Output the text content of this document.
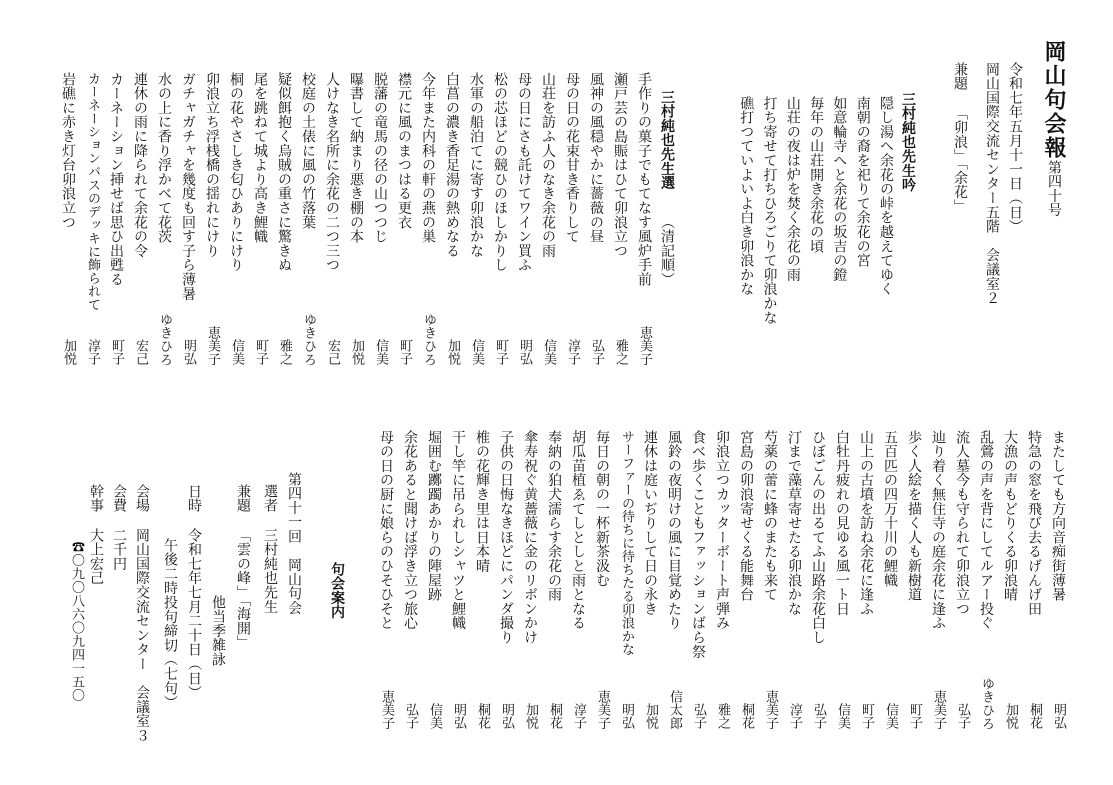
岡山句会報
第四十号
令和七年五月十一日（日）
岡山国際交流センター五階　会議室２
兼題
「卯浪」「余花」
三村純也先生吟
隠し湯へ余花の峠を越えてゆく
南朝の裔を祀りて余花の宮
如意輪寺へと余花の坂吉の鐙
毎年の山荘開き余花の頃
山荘の夜は炉を焚く余花の雨
打ち寄せて打ちひろごりて卯浪かな
礁打つていよいよ白き卯浪かな
三村純也先生選
（清記順）
手作りの菓子でもてなす風炉手前
恵美子
瀬戸芸の島賑はひて卯浪立つ
雅之
風神の風穏やかに薔薇の昼
弘子
母の日の花束甘き香りして
淳子
山荘を訪ふ人のなき余花の雨
信美
母の日にさも託けてワイン買ふ
明弘
松の芯ほどの競ひのほしかりし
町子
水軍の船泊てに寄す卯浪かな
信美
白菖の濃き香足湯の熱めなる
加悦
今年また内科の軒の燕の巣
ゆきひろ
襟元に風のまつはる更衣
町子
脱藩の竜馬の径の山つつじ
信美
曝書して納まり悪き棚の本
加悦
人けなき名所に余花の二つ三つ
宏己
校庭の土俵に風の竹落葉
ゆきひろ
疑似餌抱く烏賊の重さに驚きぬ
雅之
尾を跳ねて城より高き鯉幟
町子
桐の花やさしき匂ひありにけり
信美
卯浪立ち浮桟橋の揺れにけり
恵美子
ガチャガチャを幾度も回す子ら薄暑
明弘
水の上に香り浮かべて花茨
ゆきひろ
連休の雨に降られて余花の令
宏己
カーネーション挿せば思ひ出甦る
町子
カーネーションバスのデッキに飾られて
淳子
岩礁に赤き灯台卯浪立つ
加悦
またしても方向音痴街薄暑
明弘
特急の窓を飛び去るげんげ田
桐花
大漁の声もどりくる卯浪晴
加悦
乱鶯の声を背にしてルアー投ぐ
ゆきひろ
流人墓今も守られて卯浪立つ
弘子
辿り着く無住寺の庭余花に逢ふ
恵美子
歩く人絵を描く人も新樹道
町子
五百匹の四万十川の鯉幟
信美
山上の古墳を訪ね余花に逢ふ
町子
白牡丹疲れの見ゆる風一ト日
信美
ひぼごんの出るてふ山路余花白し
弘子
汀まで藻草寄せたる卯浪かな
淳子
芍薬の蕾に蜂のまたも来て
恵美子
宮島の卯浪寄せくる能舞台
桐花
卯浪立つカッターボート声弾み
雅之
食べ歩くこともファッションばら祭
弘子
風鈴の夜明けの風に目覚めたり
信太郎
連休は庭いぢりして日の永き
加悦
サーファーの待ちに待ちたる卯浪かな
明弘
毎日の朝の一杯新茶汲む
恵美子
胡瓜苗植ゑてしとしと雨となる
淳子
奉納の狛犬濡らす余花の雨
桐花
傘寿祝ぐ黄薔薇に金のリボンかけ
加悦
子供の日悔なきほどにパンダ撮り
明弘
椎の花輝き里は日本晴
桐花
干し竿に吊られしシャツと鯉幟
明弘
堀囲む躑躅あかりの陣屋跡
信美
余花あると聞けば浮き立つ旅心
弘子
母の日の厨に娘らのひそひそと
恵美子
句会案内
第四十一回　岡山句会
選者
三村純也先生
兼題
「雲の峰」「海開」
他当季雑詠
日時
令和七年七月二十日（日）
午後二時投句締切（七句）
会場
岡山国際交流センター　会議室３
会費
二千円
幹事
大上宏己
☎〇九〇八六〇九四一五〇
